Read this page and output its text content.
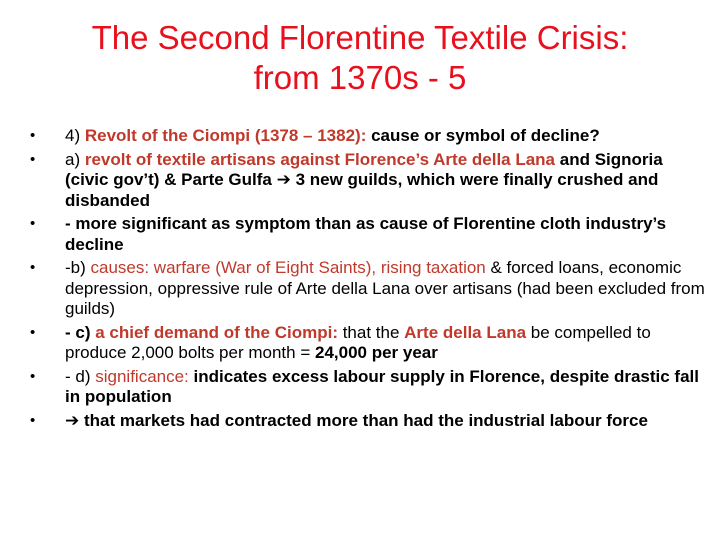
The Second Florentine Textile Crisis:
from 1370s - 5
• 4) Revolt of the Ciompi (1378 – 1382): cause or symbol of decline?
• a) revolt of textile artisans against Florence’s Arte della Lana and Signoria (civic gov’t) & Parte Gulfa ➔ 3 new guilds, which were finally crushed and disbanded
• - more significant as symptom than as cause of Florentine cloth industry’s decline
• -b) causes: warfare (War of Eight Saints), rising taxation & forced loans, economic depression, oppressive rule of Arte della Lana over artisans (had been excluded from guilds)
• - c) a chief demand of the Ciompi: that the Arte della Lana be compelled to produce 2,000 bolts per month = 24,000 per year
• - d) significance: indicates excess labour supply in Florence, despite drastic fall in population
• ➔ that markets had contracted more than had the industrial labour force
